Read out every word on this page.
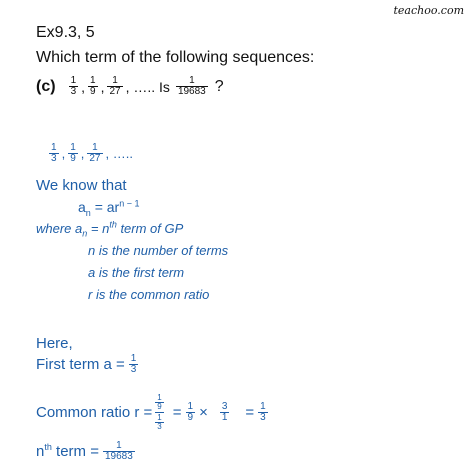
teachoo.com
Ex9.3, 5
Which term of the following sequences:
$(c) \frac{1}{3}$ , $\frac{1}{9}$ , $\frac{1}{27}$ , ….. Is $\frac{1}{19683}$ ?
$\frac{1}{3}$ , $\frac{1}{9}$ , $\frac{1}{27}$ , …..
We know that
$a_n = ar^{n - 1}$
where $a_n = n^{th}$ term of GP
n is the number of terms
a is the first term
r is the common ratio
Here,
First term $a = \frac{1}{3}$
Common ratio r =
$\frac{1}{9}$
$\frac{1}{3}$
= $\frac{1}{9} \times \frac{3}{1} = \frac{1}{3}$
$n^{th}$ term = $\frac{1}{19683}$
